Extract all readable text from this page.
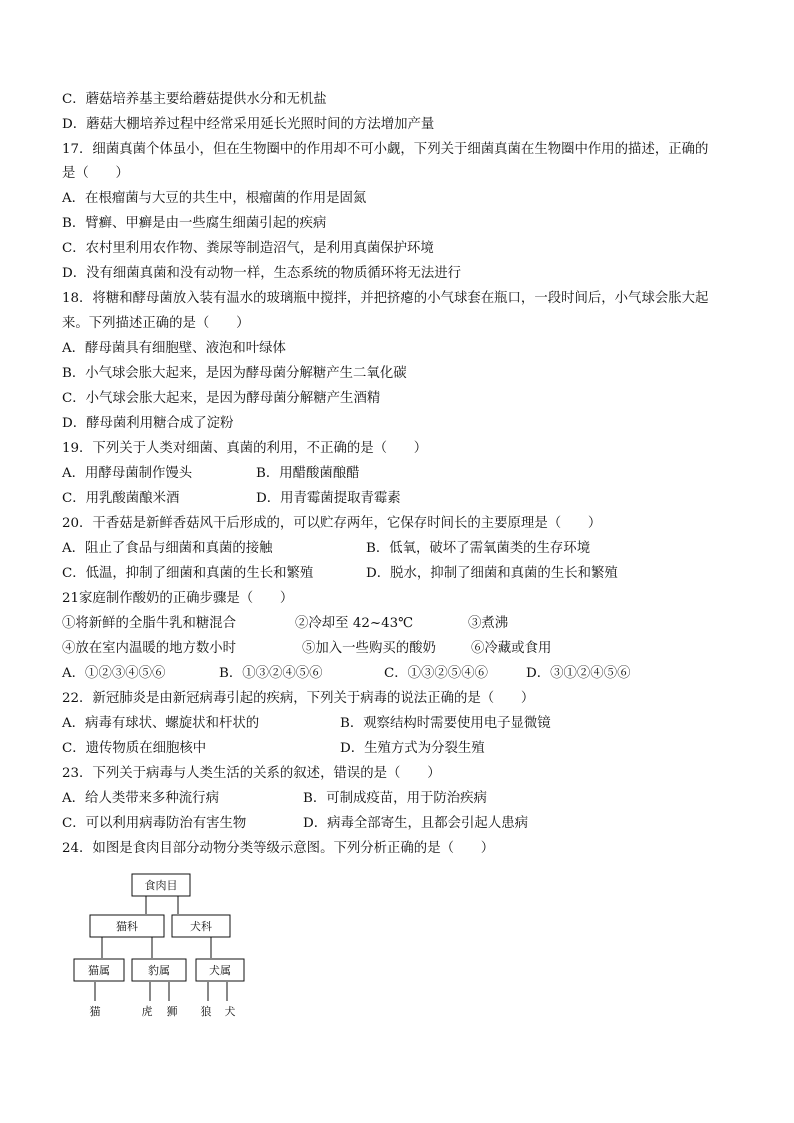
C．蘑菇培养基主要给蘑菇提供水分和无机盐
D．蘑菇大棚培养过程中经常采用延长光照时间的方法增加产量
17．细菌真菌个体虽小，但在生物圈中的作用却不可小觑，下列关于细菌真菌在生物圈中作用的描述，正确的
是（　　）
A．在根瘤菌与大豆的共生中，根瘤菌的作用是固氮
B．臂癣、甲癣是由一些腐生细菌引起的疾病
C．农村里利用农作物、粪尿等制造沼气，是利用真菌保护环境
D．没有细菌真菌和没有动物一样，生态系统的物质循环将无法进行
18．将糖和酵母菌放入装有温水的玻璃瓶中搅拌，并把挤瘪的小气球套在瓶口，一段时间后，小气球会胀大起
来。下列描述正确的是（　　）
A．酵母菌具有细胞壁、液泡和叶绿体
B．小气球会胀大起来，是因为酵母菌分解糖产生二氧化碳
C．小气球会胀大起来，是因为酵母菌分解糖产生酒精
D．酵母菌利用糖合成了淀粉
19．下列关于人类对细菌、真菌的利用，不正确的是（　　）
A．用酵母菌制作馒头	B．用醋酸菌酿醋
C．用乳酸菌酿米酒	D．用青霉菌提取青霉素
20．干香菇是新鲜香菇风干后形成的，可以贮存两年，它保存时间长的主要原理是（　　）
A．阻止了食品与细菌和真菌的接触	B．低氧，破坏了需氧菌类的生存环境
C．低温，抑制了细菌和真菌的生长和繁殖	D．脱水，抑制了细菌和真菌的生长和繁殖
21家庭制作酸奶的正确步骤是（　　）
①将新鲜的全脂牛乳和糖混合	②冷却至 42~43℃	③煮沸
④放在室内温暖的地方数小时	⑤加入一些购买的酸奶	⑥冷藏或食用
A．①②③④⑤⑥	B．①③②④⑤⑥	C．①③②⑤④⑥	D．③①②④⑤⑥
22．新冠肺炎是由新冠病毒引起的疾病，下列关于病毒的说法正确的是（　　）
A．病毒有球状、螺旋状和杆状的	B．观察结构时需要使用电子显微镜
C．遗传物质在细胞核中	D．生殖方式为分裂生殖
23．下列关于病毒与人类生活的关系的叙述，错误的是（　　）
A．给人类带来多种流行病	B．可制成疫苗，用于防治疾病
C．可以利用病毒防治有害生物	D．病毒全部寄生，且都会引起人患病
24．如图是食肉目部分动物分类等级示意图。下列分析正确的是（　　）
食肉目
猫科	犬科
猫属	豹属	犬属
猫	虎 狮 狼 犬
